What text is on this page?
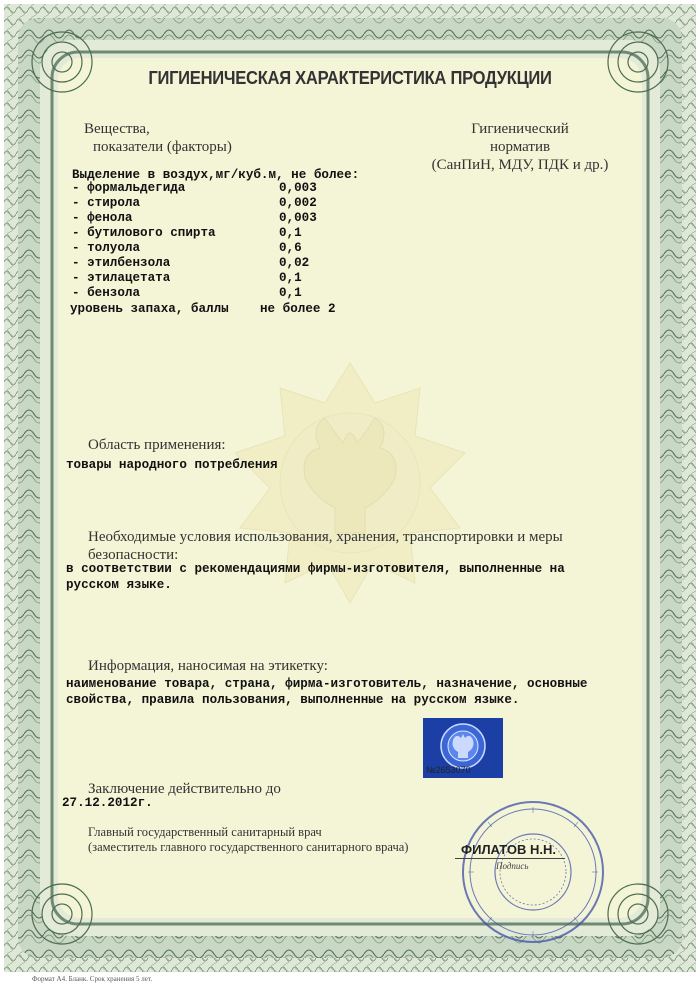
ГИГИЕНИЧЕСКАЯ ХАРАКТЕРИСТИКА ПРОДУКЦИИ
Вещества,
показатели (факторы)
Гигиенический
норматив
(СанПиН, МДУ, ПДК и др.)
Выделение в воздух,мг/куб.м, не более:
- формальдегида	0,003
- стирола	0,002
- фенола	0,003
- бутилового спирта	0,1
- толуола	0,6
- этилбензола	0,02
- этилацетата	0,1
- бензола	0,1
уровень запаха, баллы не более 2
Область применения:
товары народного потребления
Необходимые условия использования, хранения, транспортировки и меры
безопасности:
в соответствии с рекомендациями фирмы-изготовителя, выполненные на
русском языке.
Информация, наносимая на этикетку:
наименование товара, страна, фирма-изготовитель, назначение, основные
свойства, правила пользования, выполненные на русском языке.
№2653070
Заключение действительно до
27.12.2012г.
Главный государственный санитарный врач
(заместитель главного государственного санитарного врача)	ФИЛАТОВ Н.Н.
Подпись
Формат А4. Бланк. Срок хранения 5 лет.
